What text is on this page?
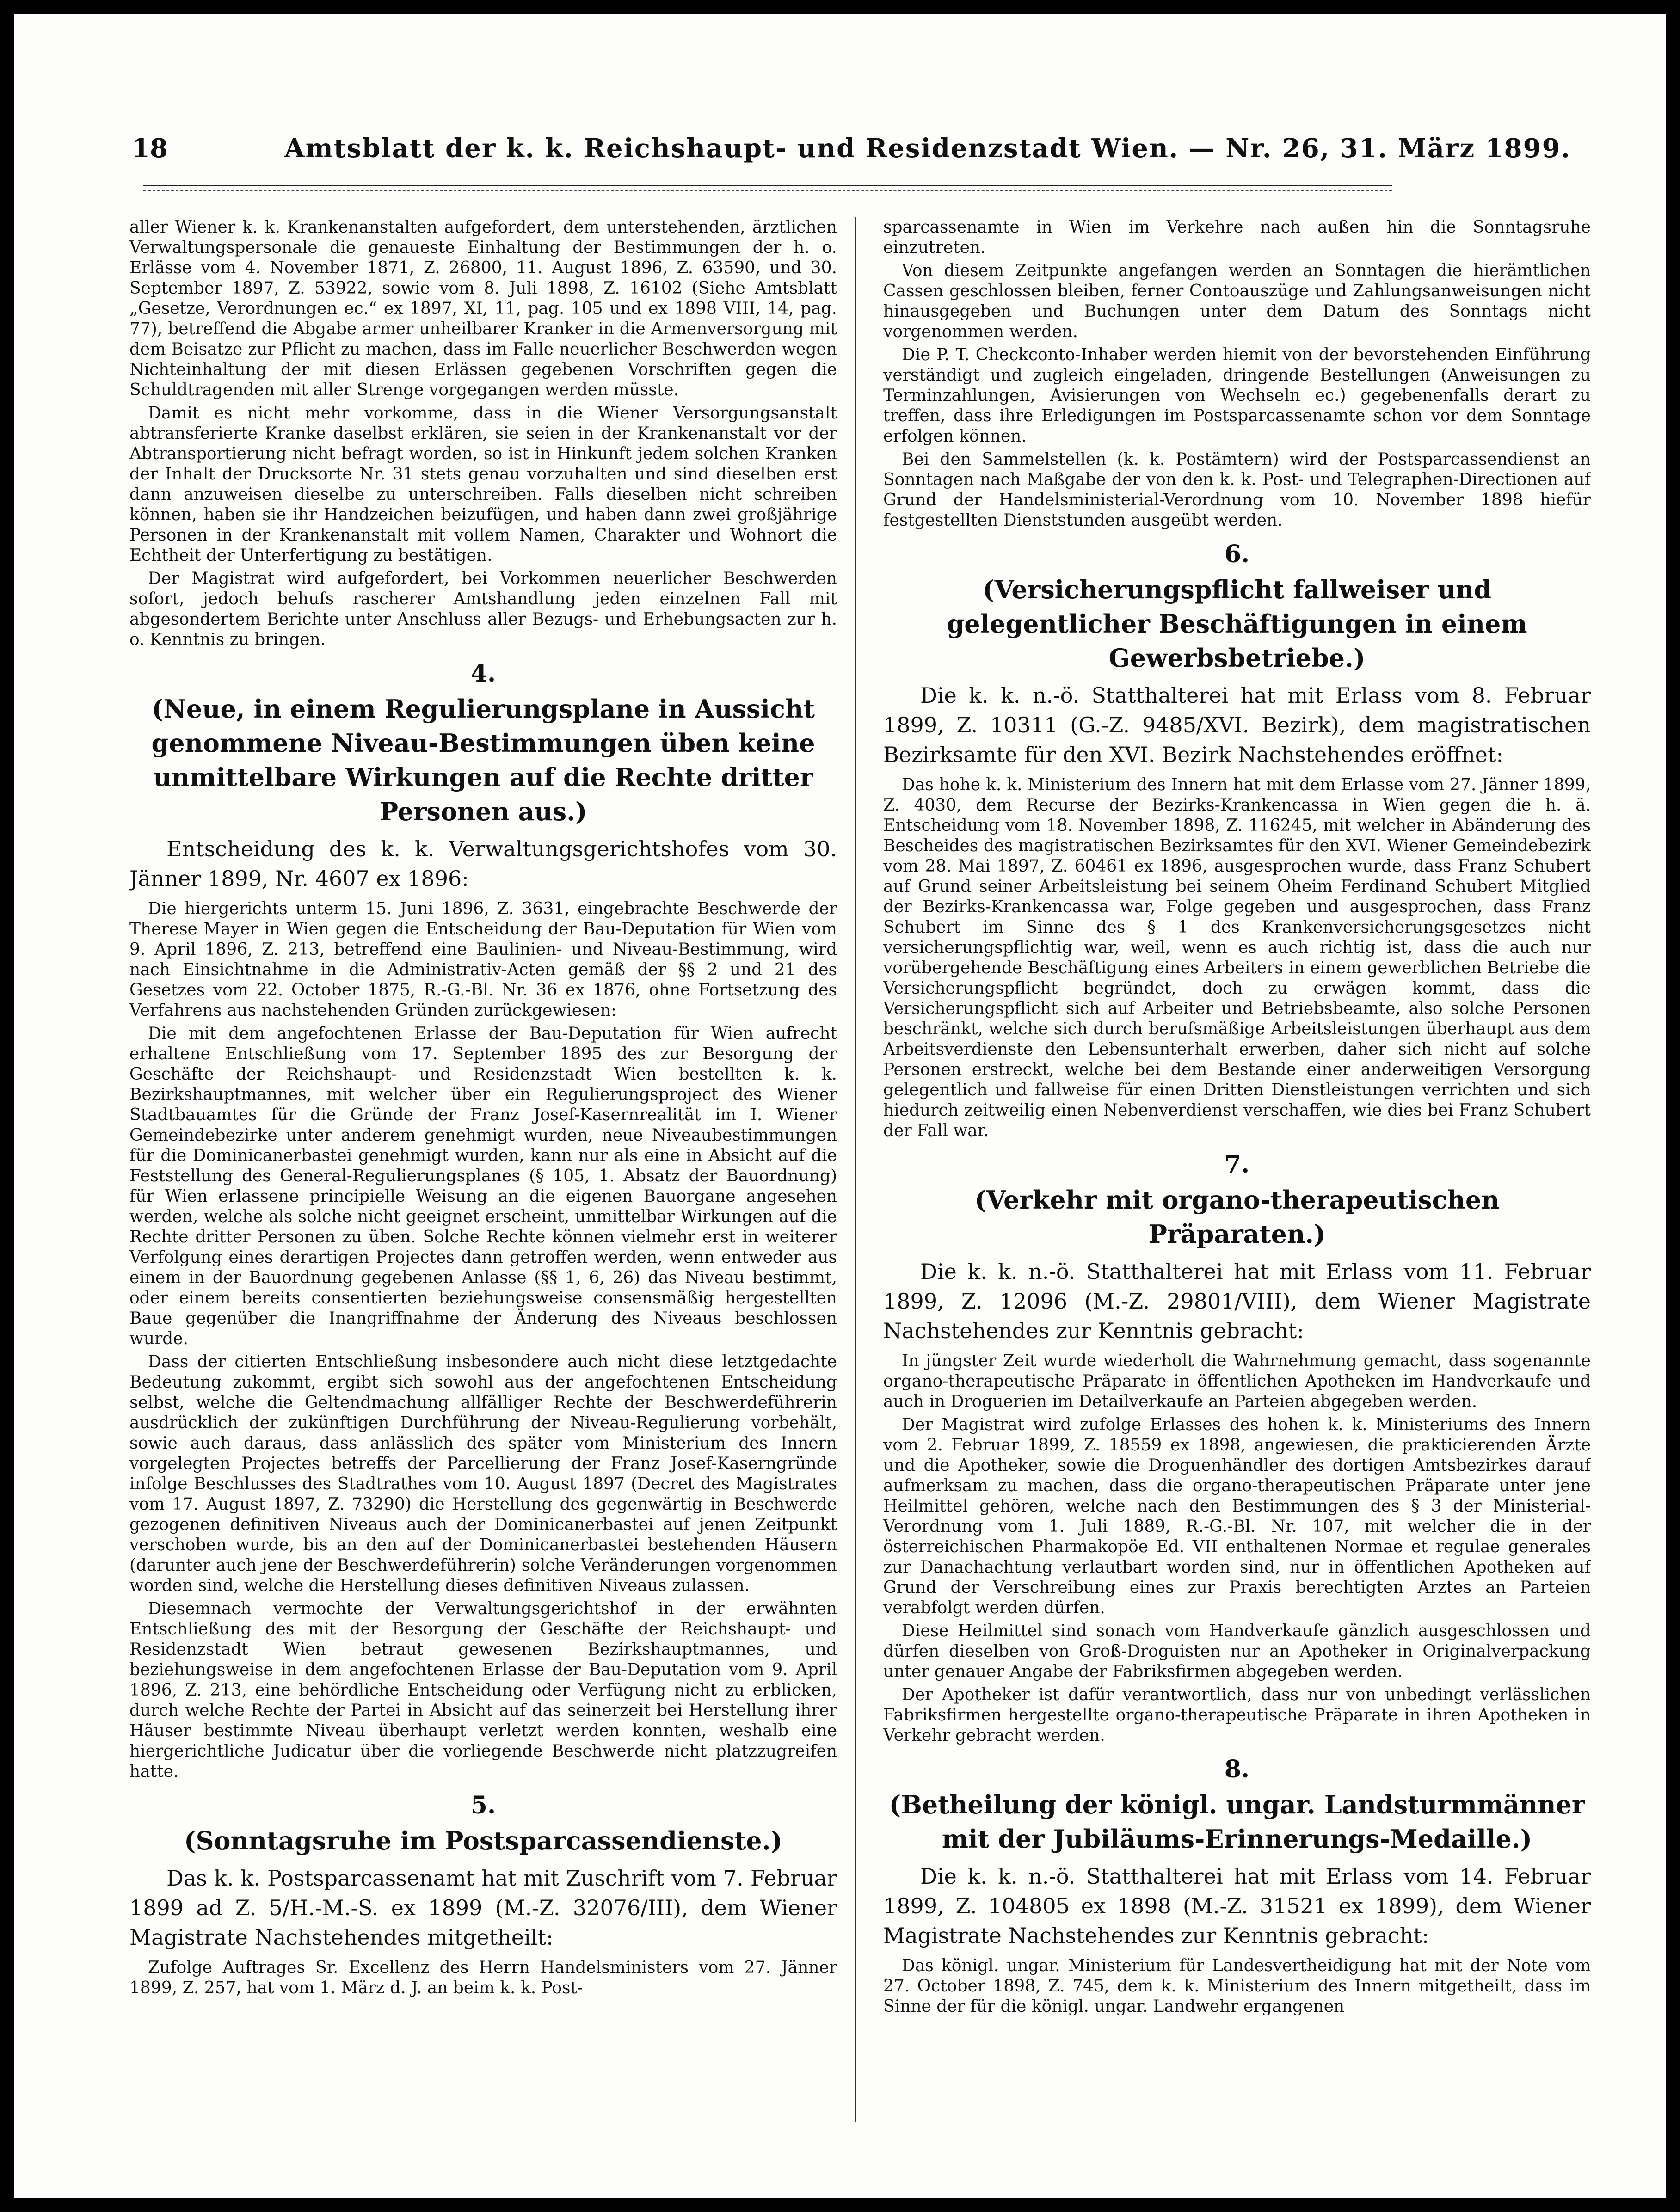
18	Amtsblatt der k. k. Reichshaupt- und Residenzstadt Wien. — Nr. 26, 31. März 1899.

aller Wiener k. k. Krankenanstalten aufgefordert, dem unterstehenden, ärztlichen Verwaltungspersonale die genaueste Einhaltung der Bestimmungen der h. o. Erlässe vom 4. November 1871, Z. 26800, 11. August 1896, Z. 63590, und 30. September 1897, Z. 53922, sowie vom 8. Juli 1898, Z. 16102 (Siehe Amtsblatt „Gesetze, Verordnungen ec.“ ex 1897, XI, 11, pag. 105 und ex 1898 VIII, 14, pag. 77), betreffend die Abgabe armer unheilbarer Kranker in die Armenversorgung mit dem Beisatze zur Pflicht zu machen, dass im Falle neuerlicher Beschwerden wegen Nichteinhaltung der mit diesen Erlässen gegebenen Vorschriften gegen die Schuldtragenden mit aller Strenge vorgegangen werden müsste.

Damit es nicht mehr vorkomme, dass in die Wiener Versorgungsanstalt abtransferierte Kranke daselbst erklären, sie seien in der Krankenanstalt vor der Abtransportierung nicht befragt worden, so ist in Hinkunft jedem solchen Kranken der Inhalt der Drucksorte Nr. 31 stets genau vorzuhalten und sind dieselben erst dann anzuweisen dieselbe zu unterschreiben. Falls dieselben nicht schreiben können, haben sie ihr Handzeichen beizufügen, und haben dann zwei großjährige Personen in der Krankenanstalt mit vollem Namen, Charakter und Wohnort die Echtheit der Unterfertigung zu bestätigen.

Der Magistrat wird aufgefordert, bei Vorkommen neuerlicher Beschwerden sofort, jedoch behufs rascherer Amtshandlung jeden einzelnen Fall mit abgesondertem Berichte unter Anschluss aller Bezugs- und Erhebungsacten zur h. o. Kenntnis zu bringen.

4.
(Neue, in einem Regulierungsplane in Aussicht genommene Niveau-Bestimmungen üben keine unmittelbare Wirkungen auf die Rechte dritter Personen aus.)

Entscheidung des k. k. Verwaltungsgerichtshofes vom 30. Jänner 1899, Nr. 4607 ex 1896:

Die hiergerichts unterm 15. Juni 1896, Z. 3631, eingebrachte Beschwerde der Therese Mayer in Wien gegen die Entscheidung der Bau-Deputation für Wien vom 9. April 1896, Z. 213, betreffend eine Baulinien- und Niveau-Bestimmung, wird nach Einsichtnahme in die Administrativ-Acten gemäß der §§ 2 und 21 des Gesetzes vom 22. October 1875, R.-G.-Bl. Nr. 36 ex 1876, ohne Fortsetzung des Verfahrens aus nachstehenden Gründen zurückgewiesen:

Die mit dem angefochtenen Erlasse der Bau-Deputation für Wien aufrecht erhaltene Entschließung vom 17. September 1895 des zur Besorgung der Geschäfte der Reichshaupt- und Residenzstadt Wien bestellten k. k. Bezirkshauptmannes, mit welcher über ein Regulierungsproject des Wiener Stadtbauamtes für die Gründe der Franz Josef-Kasernrealität im I. Wiener Gemeindebezirke unter anderem genehmigt wurden, neue Niveaubestimmungen für die Dominicanerbastei genehmigt wurden, kann nur als eine in Absicht auf die Feststellung des General-Regulierungsplanes (§ 105, 1. Absatz der Bauordnung) für Wien erlassene principielle Weisung an die eigenen Bauorgane angesehen werden, welche als solche nicht geeignet erscheint, unmittelbar Wirkungen auf die Rechte dritter Personen zu üben. Solche Rechte können vielmehr erst in weiterer Verfolgung eines derartigen Projectes dann getroffen werden, wenn entweder aus einem in der Bauordnung gegebenen Anlasse (§§ 1, 6, 26) das Niveau bestimmt, oder einem bereits consentierten beziehungsweise consensmäßig hergestellten Baue gegenüber die Inangriffnahme der Änderung des Niveaus beschlossen wurde.

Dass der citierten Entschließung insbesondere auch nicht diese letztgedachte Bedeutung zukommt, ergibt sich sowohl aus der angefochtenen Entscheidung selbst, welche die Geltendmachung allfälliger Rechte der Beschwerdeführerin ausdrücklich der zukünftigen Durchführung der Niveau-Regulierung vorbehält, sowie auch daraus, dass anlässlich des später vom Ministerium des Innern vorgelegten Projectes betreffs der Parcellierung der Franz Josef-Kaserngründe infolge Beschlusses des Stadtrathes vom 10. August 1897 (Decret des Magistrates vom 17. August 1897, Z. 73290) die Herstellung des gegenwärtig in Beschwerde gezogenen definitiven Niveaus auch der Dominicanerbastei auf jenen Zeitpunkt verschoben wurde, bis an den auf der Dominicanerbastei bestehenden Häusern (darunter auch jene der Beschwerdeführerin) solche Veränderungen vorgenommen worden sind, welche die Herstellung dieses definitiven Niveaus zulassen.

Diesemnach vermochte der Verwaltungsgerichtshof in der erwähnten Entschließung des mit der Besorgung der Geschäfte der Reichshaupt- und Residenzstadt Wien betraut gewesenen Bezirkshauptmannes, und beziehungsweise in dem angefochtenen Erlasse der Bau-Deputation vom 9. April 1896, Z. 213, eine behördliche Entscheidung oder Verfügung nicht zu erblicken, durch welche Rechte der Partei in Absicht auf das seinerzeit bei Herstellung ihrer Häuser bestimmte Niveau überhaupt verletzt werden konnten, weshalb eine hiergerichtliche Judicatur über die vorliegende Beschwerde nicht platzzugreifen hatte.

5.
(Sonntagsruhe im Postsparcassendienste.)

Das k. k. Postsparcassenamt hat mit Zuschrift vom 7. Februar 1899 ad Z. 5/H.-M.-S. ex 1899 (M.-Z. 32076/III), dem Wiener Magistrate Nachstehendes mitgetheilt:

Zufolge Auftrages Sr. Excellenz des Herrn Handelsministers vom 27. Jänner 1899, Z. 257, hat vom 1. März d. J. an beim k. k. Post-

sparcassenamte in Wien im Verkehre nach außen hin die Sonntagsruhe einzutreten.

Von diesem Zeitpunkte angefangen werden an Sonntagen die hierämtlichen Cassen geschlossen bleiben, ferner Contoauszüge und Zahlungsanweisungen nicht hinausgegeben und Buchungen unter dem Datum des Sonntags nicht vorgenommen werden.

Die P. T. Checkconto-Inhaber werden hiemit von der bevorstehenden Einführung verständigt und zugleich eingeladen, dringende Bestellungen (Anweisungen zu Terminzahlungen, Avisierungen von Wechseln ec.) gegebenenfalls derart zu treffen, dass ihre Erledigungen im Postsparcassenamte schon vor dem Sonntage erfolgen können.

Bei den Sammelstellen (k. k. Postämtern) wird der Postsparcassendienst an Sonntagen nach Maßgabe der von den k. k. Post- und Telegraphen-Directionen auf Grund der Handelsministerial-Verordnung vom 10. November 1898 hiefür festgestellten Dienststunden ausgeübt werden.

6.
(Versicherungspflicht fallweiser und gelegentlicher Beschäftigungen in einem Gewerbsbetriebe.)

Die k. k. n.-ö. Statthalterei hat mit Erlass vom 8. Februar 1899, Z. 10311 (G.-Z. 9485/XVI. Bezirk), dem magistratischen Bezirksamte für den XVI. Bezirk Nachstehendes eröffnet:

Das hohe k. k. Ministerium des Innern hat mit dem Erlasse vom 27. Jänner 1899, Z. 4030, dem Recurse der Bezirks-Krankencassa in Wien gegen die h. ä. Entscheidung vom 18. November 1898, Z. 116245, mit welcher in Abänderung des Bescheides des magistratischen Bezirksamtes für den XVI. Wiener Gemeindebezirk vom 28. Mai 1897, Z. 60461 ex 1896, ausgesprochen wurde, dass Franz Schubert auf Grund seiner Arbeitsleistung bei seinem Oheim Ferdinand Schubert Mitglied der Bezirks-Krankencassa war, Folge gegeben und ausgesprochen, dass Franz Schubert im Sinne des § 1 des Krankenversicherungsgesetzes nicht versicherungspflichtig war, weil, wenn es auch richtig ist, dass die auch nur vorübergehende Beschäftigung eines Arbeiters in einem gewerblichen Betriebe die Versicherungspflicht begründet, doch zu erwägen kommt, dass die Versicherungspflicht sich auf Arbeiter und Betriebsbeamte, also solche Personen beschränkt, welche sich durch berufsmäßige Arbeitsleistungen überhaupt aus dem Arbeitsverdienste den Lebensunterhalt erwerben, daher sich nicht auf solche Personen erstreckt, welche bei dem Bestande einer anderweitigen Versorgung gelegentlich und fallweise für einen Dritten Dienstleistungen verrichten und sich hiedurch zeitweilig einen Nebenverdienst verschaffen, wie dies bei Franz Schubert der Fall war.

7.
(Verkehr mit organo-therapeutischen Präparaten.)

Die k. k. n.-ö. Statthalterei hat mit Erlass vom 11. Februar 1899, Z. 12096 (M.-Z. 29801/VIII), dem Wiener Magistrate Nachstehendes zur Kenntnis gebracht:

In jüngster Zeit wurde wiederholt die Wahrnehmung gemacht, dass sogenannte organo-therapeutische Präparate in öffentlichen Apotheken im Handverkaufe und auch in Droguerien im Detailverkaufe an Parteien abgegeben werden.

Der Magistrat wird zufolge Erlasses des hohen k. k. Ministeriums des Innern vom 2. Februar 1899, Z. 18559 ex 1898, angewiesen, die prakticierenden Ärzte und die Apotheker, sowie die Droguenhändler des dortigen Amtsbezirkes darauf aufmerksam zu machen, dass die organo-therapeutischen Präparate unter jene Heilmittel gehören, welche nach den Bestimmungen des § 3 der Ministerial-Verordnung vom 1. Juli 1889, R.-G.-Bl. Nr. 107, mit welcher die in der österreichischen Pharmakopöe Ed. VII enthaltenen Normae et regulae generales zur Danachachtung verlautbart worden sind, nur in öffentlichen Apotheken auf Grund der Verschreibung eines zur Praxis berechtigten Arztes an Parteien verabfolgt werden dürfen.

Diese Heilmittel sind sonach vom Handverkaufe gänzlich ausgeschlossen und dürfen dieselben von Groß-Droguisten nur an Apotheker in Originalverpackung unter genauer Angabe der Fabriksfirmen abgegeben werden.

Der Apotheker ist dafür verantwortlich, dass nur von unbedingt verlässlichen Fabriksfirmen hergestellte organo-therapeutische Präparate in ihren Apotheken in Verkehr gebracht werden.

8.
(Betheilung der königl. ungar. Landsturmmänner mit der Jubiläums-Erinnerungs-Medaille.)

Die k. k. n.-ö. Statthalterei hat mit Erlass vom 14. Februar 1899, Z. 104805 ex 1898 (M.-Z. 31521 ex 1899), dem Wiener Magistrate Nachstehendes zur Kenntnis gebracht:

Das königl. ungar. Ministerium für Landesvertheidigung hat mit der Note vom 27. October 1898, Z. 745, dem k. k. Ministerium des Innern mitgetheilt, dass im Sinne der für die königl. ungar. Landwehr ergangenen
